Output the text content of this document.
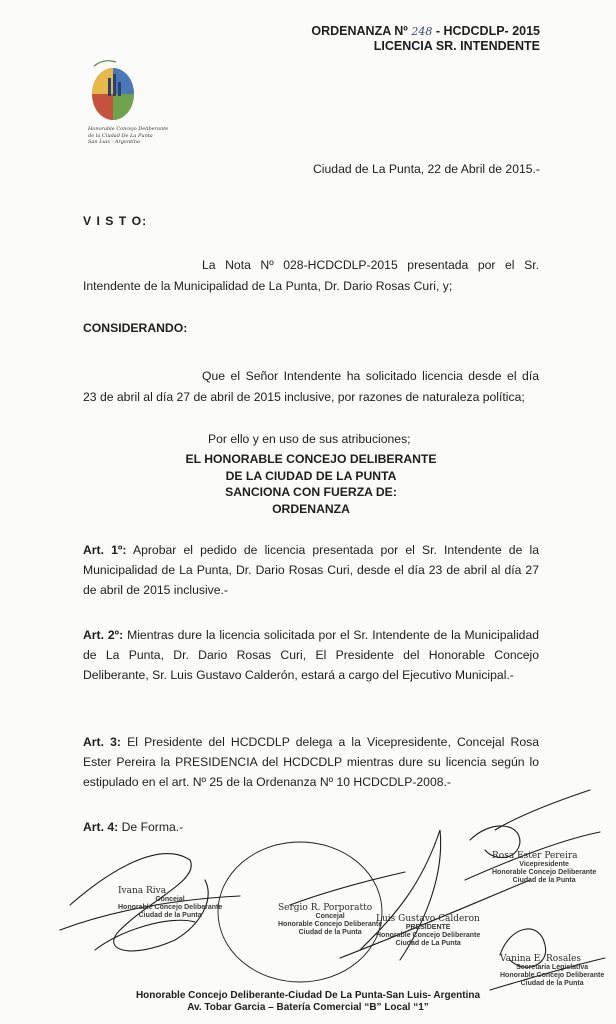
ORDENANZA Nº 248 - HCDCDLP- 2015
LICENCIA SR. INTENDENTE
Honorable Concejo Deliberante
de la Ciudad De La Punta
San Luis - Argentina
Ciudad de La Punta, 22 de Abril de 2015.-
V I S T O:
La Nota Nº 028-HCDCDLP-2015 presentada por el Sr.
Intendente de la Municipalidad de La Punta, Dr. Dario Rosas Curi, y;
CONSIDERANDO:
Que el Señor Intendente ha solicitado licencia desde el día
23 de abril al día 27 de abril de 2015 inclusive, por razones de naturaleza política;
Por ello y en uso de sus atribuciones;
EL HONORABLE CONCEJO DELIBERANTE
DE LA CIUDAD DE LA PUNTA
SANCIONA CON FUERZA DE:
ORDENANZA
Art. 1º: Aprobar el pedido de licencia presentada por el Sr. Intendente de la Municipalidad de La Punta, Dr. Dario Rosas Curi, desde el día 23 de abril al día 27 de abril de 2015 inclusive.-
Art. 2º: Mientras dure la licencia solicitada por el Sr. Intendente de la Municipalidad de La Punta, Dr. Dario Rosas Curi, El Presidente del Honorable Concejo Deliberante, Sr. Luis Gustavo Calderón, estará a cargo del Ejecutivo Municipal.-
Art. 3: El Presidente del HCDCDLP delega a la Vicepresidente, Concejal Rosa Ester Pereira la PRESIDENCIA del HCDCDLP mientras dure su licencia según lo estipulado en el art. Nº 25 de la Ordenanza Nº 10 HCDCDLP-2008.-
Art. 4: De Forma.-
Ivana Riva
Concejal
Honorable Concejo Deliberante
Ciudad de la Punta
Sergio R. Porporatto
Concejal
Honorable Concejo Deliberante
Ciudad de la Punta
Luis Gustavo Calderon
PRESIDENTE
Honorable Concejo Deliberante
Ciudad de La Punta
Rosa Ester Pereira
Vicepresidente
Honorable Concejo Deliberante
Ciudad de la Punta
Vanina E. Rosales
Secretaria Legislativa
Honorable Concejo Deliberante
Ciudad de la Punta
Honorable Concejo Deliberante-Ciudad De La Punta-San Luis- Argentina
Av. Tobar Garcia – Batería Comercial “B” Local “1”
